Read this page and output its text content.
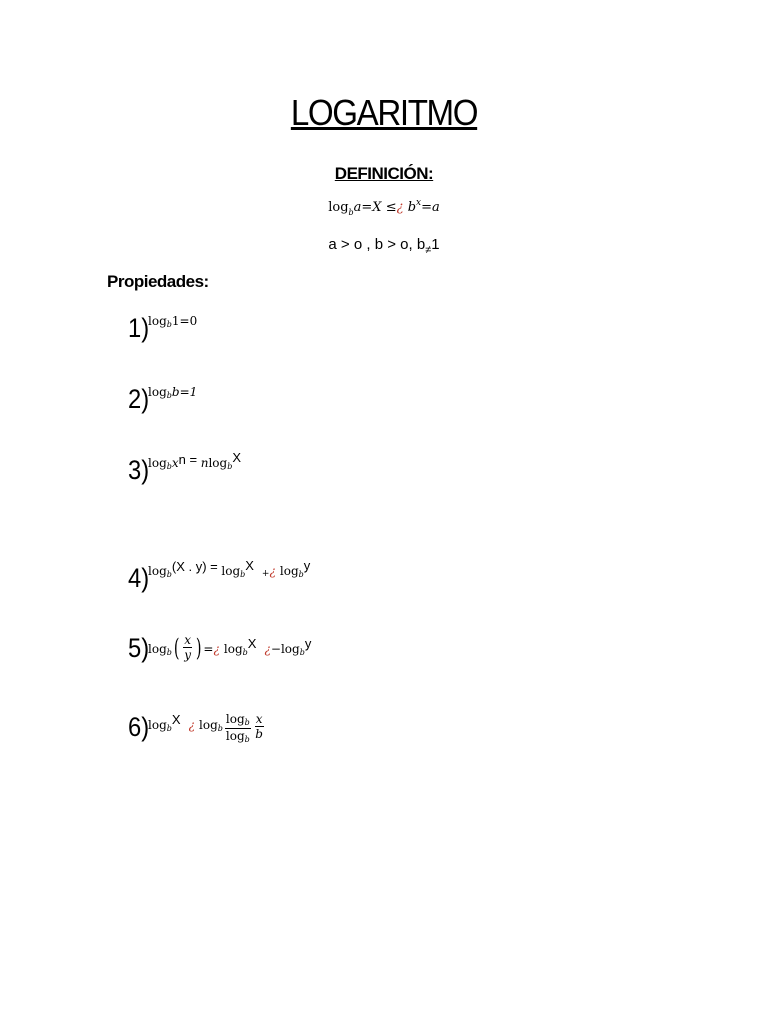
LOGARITMO
DEFINICIÓN:
$\log_ba=X$ ≤¿ $b^x=a$
a > o , b > o, $b_\ne 1$
Propiedades:
1)
log b 1=0
2)
log b b=1
3)
log b x n = n log b
X
4)
log b
(X . y) = log b
X
+ ¿ log b
y
5)
log b ( $\frac{x}{y}$ ) = ¿ log b
X ¿ − log b
y
6)
log b
X ¿ log b $\frac{\log b}{\log b} \frac{x}{b}$
